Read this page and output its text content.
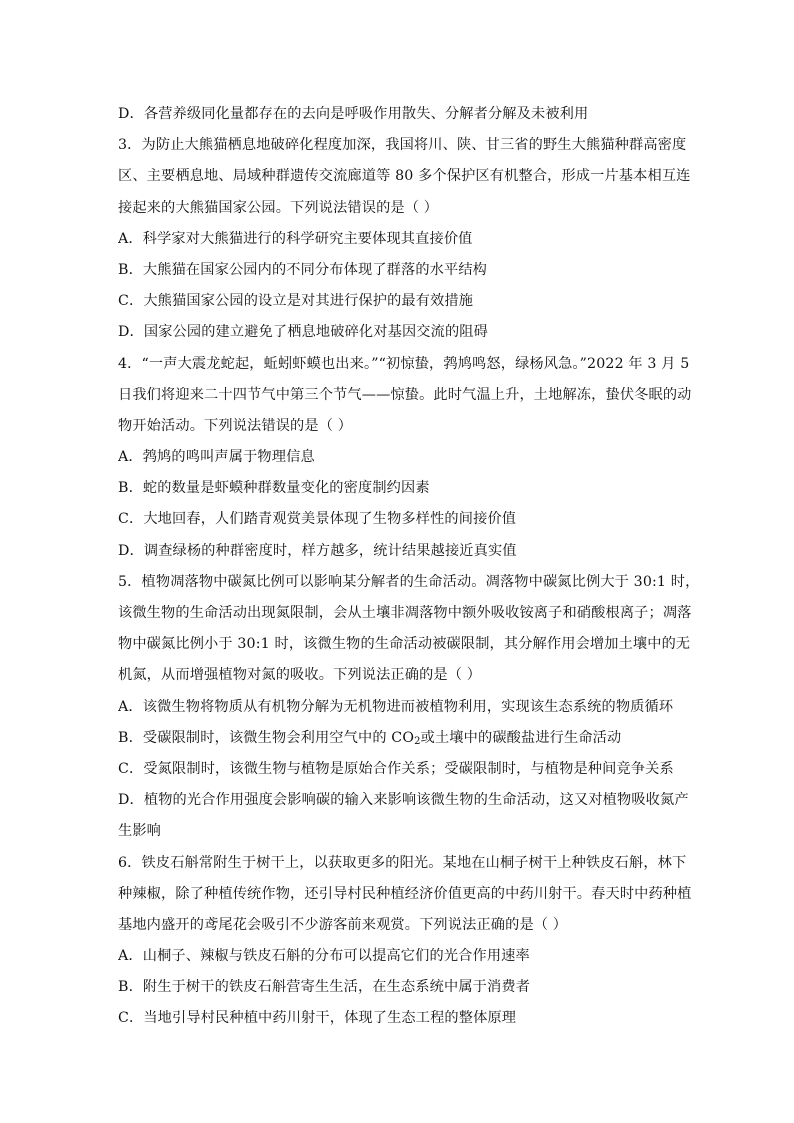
D．各营养级同化量都存在的去向是呼吸作用散失、分解者分解及未被利用
3．为防止大熊猫栖息地破碎化程度加深，我国将川、陕、甘三省的野生大熊猫种群高密度
区、主要栖息地、局域种群遗传交流廊道等 80 多个保护区有机整合，形成一片基本相互连
接起来的大熊猫国家公园。下列说法错误的是（ ）
A．科学家对大熊猫进行的科学研究主要体现其直接价值
B．大熊猫在国家公园内的不同分布体现了群落的水平结构
C．大熊猫国家公园的设立是对其进行保护的最有效措施
D．国家公园的建立避免了栖息地破碎化对基因交流的阻碍
4．“一声大震龙蛇起，蚯蚓虾蟆也出来。”“初惊蛰，鹁鸠鸣怒，绿杨风急。”2022 年 3 月 5
日我们将迎来二十四节气中第三个节气——惊蛰。此时气温上升，土地解冻，蛰伏冬眠的动
物开始活动。下列说法错误的是（ ）
A．鹁鸠的鸣叫声属于物理信息
B．蛇的数量是虾蟆种群数量变化的密度制约因素
C．大地回春，人们踏青观赏美景体现了生物多样性的间接价值
D．调查绿杨的种群密度时，样方越多，统计结果越接近真实值
5．植物凋落物中碳氮比例可以影响某分解者的生命活动。凋落物中碳氮比例大于 30:1 时，
该微生物的生命活动出现氮限制，会从土壤非凋落物中额外吸收铵离子和硝酸根离子；凋落
物中碳氮比例小于 30:1 时，该微生物的生命活动被碳限制，其分解作用会增加土壤中的无
机氮，从而增强植物对氮的吸收。下列说法正确的是（ ）
A．该微生物将物质从有机物分解为无机物进而被植物利用，实现该生态系统的物质循环
B．受碳限制时，该微生物会利用空气中的 $CO_2$或土壤中的碳酸盐进行生命活动
C．受氮限制时，该微生物与植物是原始合作关系；受碳限制时，与植物是种间竞争关系
D．植物的光合作用强度会影响碳的输入来影响该微生物的生命活动，这又对植物吸收氮产
生影响
6．铁皮石斛常附生于树干上，以获取更多的阳光。某地在山桐子树干上种铁皮石斛，林下
种辣椒，除了种植传统作物，还引导村民种植经济价值更高的中药川射干。春天时中药种植
基地内盛开的鸢尾花会吸引不少游客前来观赏。下列说法正确的是（ ）
A．山桐子、辣椒与铁皮石斛的分布可以提高它们的光合作用速率
B．附生于树干的铁皮石斛营寄生生活，在生态系统中属于消费者
C．当地引导村民种植中药川射干，体现了生态工程的整体原理
